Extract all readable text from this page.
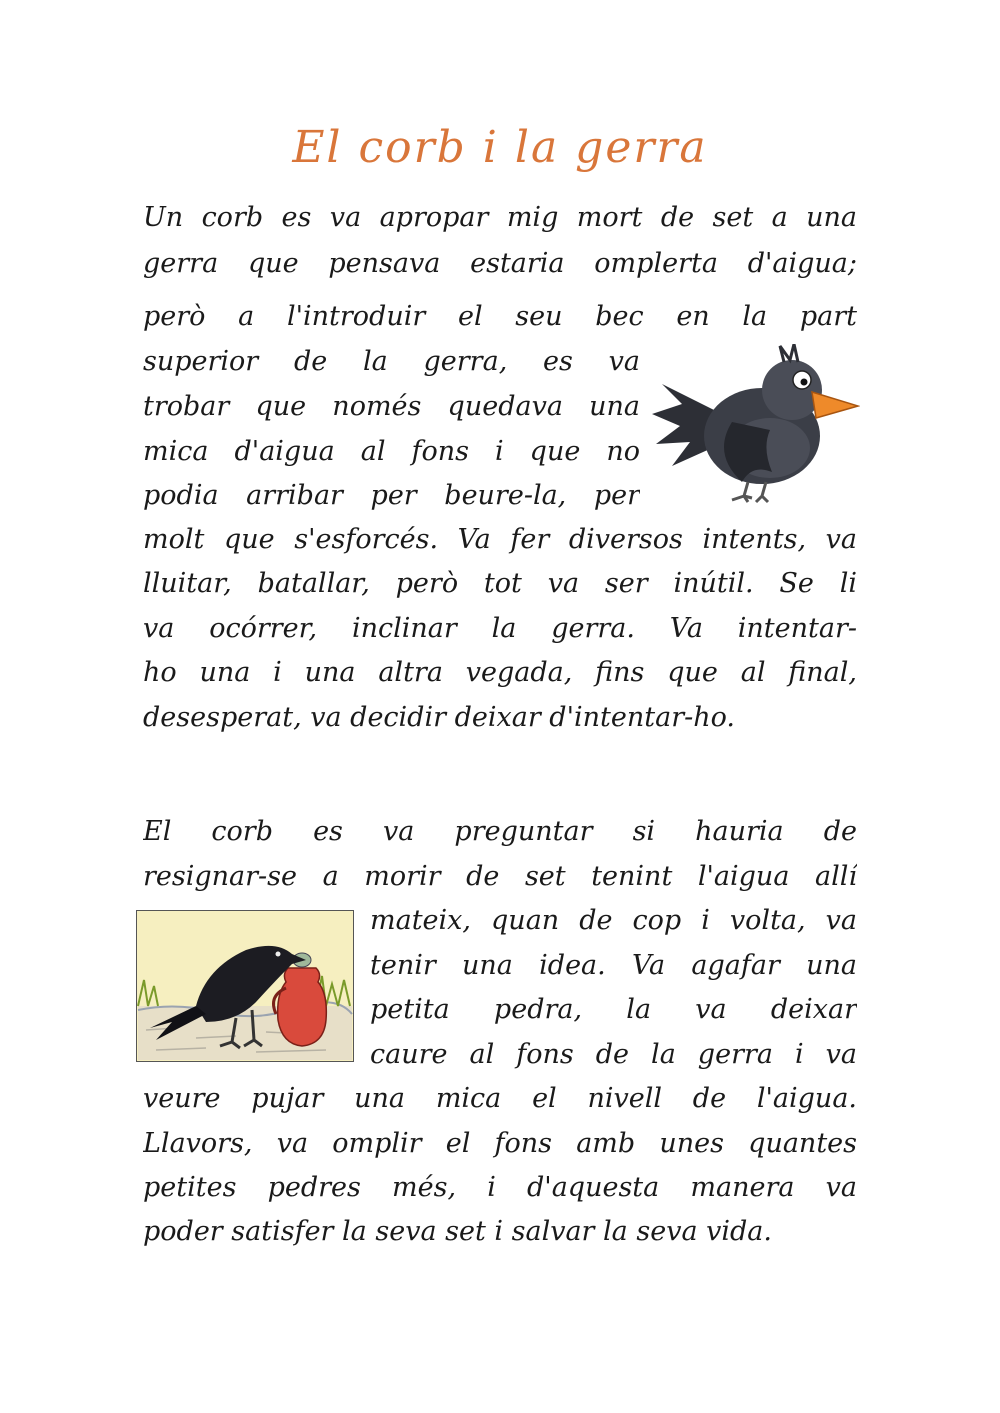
El corb i la gerra
Un corb es va apropar mig mort de set a una
gerra que pensava estaria omplerta d'aigua;
però a l'introduir el seu bec en la part
superior de la gerra, es va
trobar que només quedava una
mica d'aigua al fons i que no
podia arribar per beure-la, per
molt que s'esforcés. Va fer diversos intents, va
lluitar, batallar, però tot va ser inútil. Se li
va ocórrer, inclinar la gerra. Va intentar-
ho una i una altra vegada, fins que al final,
desesperat, va decidir deixar d'intentar-ho.
El corb es va preguntar si hauria de
resignar-se a morir de set tenint l'aigua allí
mateix, quan de cop i volta, va
tenir una idea. Va agafar una
petita pedra, la va deixar
caure al fons de la gerra i va
veure pujar una mica el nivell de l'aigua.
Llavors, va omplir el fons amb unes quantes
petites pedres més, i d'aquesta manera va
poder satisfer la seva set i salvar la seva vida.
